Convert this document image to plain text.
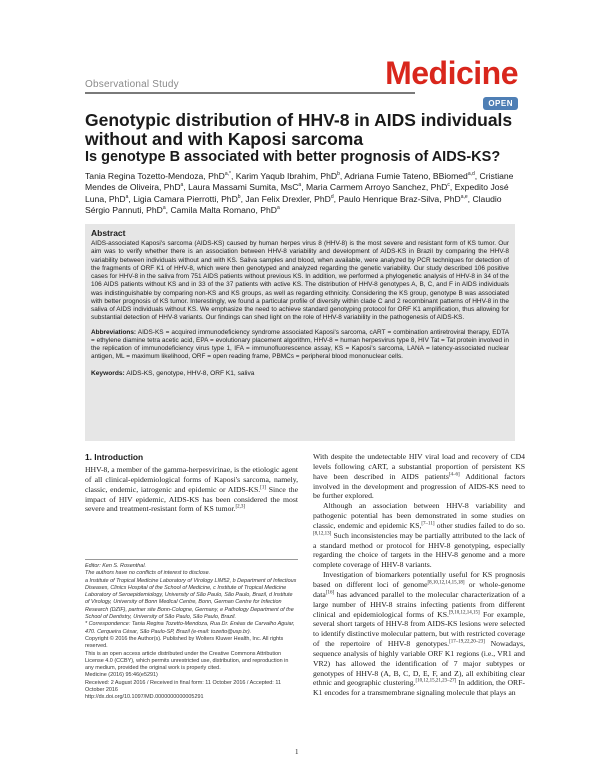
Observational Study	Medicine
OPEN
Genotypic distribution of HHV-8 in AIDS individuals without and with Kaposi sarcoma
Is genotype B associated with better prognosis of AIDS-KS?
Tania Regina Tozetto-Mendoza, PhD$^{a,*}$, Karim Yaqub Ibrahim, PhD$^b$, Adriana Fumie Tateno, BBiomed$^{a,d}$, Cristiane Mendes de Oliveira, PhD$^a$, Laura Massami Sumita, MsC$^a$, Maria Carmem Arroyo Sanchez, PhD$^c$, Expedito José Luna, PhD$^a$, Ligia Camara Pierrotti, PhD$^b$, Jan Felix Drexler, PhD$^d$, Paulo Henrique Braz-Silva, PhD$^{a,e}$, Claudio Sérgio Pannuti, PhD$^a$, Camila Malta Romano, PhD$^a$

Abstract

AIDS-associated Kaposi's sarcoma (AIDS-KS) caused by human herpes virus 8 (HHV-8) is the most severe and resistant form of KS tumor. Our aim was to verify whether there is an association between HHV-8 variability and development of AIDS-KS in Brazil by comparing the HHV-8 variability between individuals without and with KS. Saliva samples and blood, when available, were analyzed by PCR techniques for detection of the fragments of ORF K1 of HHV-8, which were then genotyped and analyzed regarding the genetic variability. Our study described 106 positive cases for HHV-8 in the saliva from 751 AIDS patients without previous KS. In addition, we performed a phylogenetic analysis of HHV-8 in 34 of the 106 AIDS patients without KS and in 33 of the 37 patients with active KS. The distribution of HHV-8 genotypes A, B, C, and F in AIDS individuals was indistinguishable by comparing non-KS and KS groups, as well as regarding ethnicity. Considering the KS group, genotype B was associated with better prognosis of KS tumor. Interestingly, we found a particular profile of diversity within clade C and 2 recombinant patterns of HHV-8 in the saliva of AIDS individuals without KS. We emphasize the need to achieve standard genotyping protocol for ORF K1 amplification, thus allowing for substantial detection of HHV-8 variants. Our findings can shed light on the role of HHV-8 variability in the pathogenesis of AIDS-KS.

Abbreviations: AIDS-KS = acquired immunodeficiency syndrome associated Kaposi's sarcoma, cART = combination antiretroviral therapy, EDTA = ethylene diamine tetra acetic acid, EPA = evolutionary placement algorithm, HHV-8 = human herpesvirus type 8, HIV Tat = Tat protein involved in the replication of immunodeficiency virus type 1, IFA = immunofluorescence assay, KS = Kaposi's sarcoma, LANA = latency-associated nuclear antigen, ML = maximum likelihood, ORF = open reading frame, PBMCs = peripheral blood mononuclear cells.
Keywords: AIDS-KS, genotype, HHV-8, ORF K1, saliva

1. Introduction

HHV-8, a member of the gamma-herpesvirinae, is the etiologic agent of all clinical-epidemiological forms of Kaposi's sarcoma, namely, classic, endemic, iatrogenic and epidemic or AIDS-KS.[1] Since the impact of HIV epidemic, AIDS-KS has been considered the most severe and treatment-resistant form of KS tumor.[2,3]

Editor: Ken S. Rosenthal.

The authors have no conflicts of interest to disclose.

a Institute of Tropical Medicine Laboratory of Virology LIM52, b Department of Infectious Diseases, Clinics Hospital of the School of Medicine, c Institute of Tropical Medicine Laboratory of Seroepidemiology, University of São Paulo, São Paulo, Brazil, d Institute of Virology, University of Bonn Medical Centre, Bonn, German Centre for Infection Research (DZIF), partner site Bonn-Cologne, Germany, e Pathology Department of the School of Dentistry, University of São Paulo, São Paulo, Brazil.

* Correspondence: Tania Regina Tozetto-Mendoza, Rua Dr. Enéas de Carvalho Aguiar, 470. Cerqueira César, São Paulo-SP, Brazil (e-mail: tozetto@usp.br).

Copyright © 2016 the Author(s). Published by Wolters Kluwer Health, Inc. All rights reserved.

This is an open access article distributed under the Creative Commons Attribution License 4.0 (CCBY), which permits unrestricted use, distribution, and reproduction in any medium, provided the original work is properly cited.

Medicine (2016) 95:46(e5291)

Received: 2 August 2016 / Received in final form: 11 October 2016 / Accepted: 11 October 2016

http://dx.doi.org/10.1097/MD.0000000000005291

With despite the undetectable HIV viral load and recovery of CD4 levels following cART, a substantial proportion of persistent KS have been described in AIDS patients[4–6] Additional factors involved in the development and progression of AIDS-KS need to be further explored.

Although an association between HHV-8 variability and pathogenic potential has been demonstrated in some studies on classic, endemic and epidemic KS,[7–11] other studies failed to do so.[8,12,13] Such inconsistencies may be partially attributed to the lack of a standard method or protocol for HHV-8 genotyping, especially regarding the choice of targets in the HHV-8 genome and a more complete coverage of HHV-8 variants.

Investigation of biomarkers potentially useful for KS prognosis based on different loci of genome[8,10,12,14,15,18] or whole-genome data[16] has advanced parallel to the molecular characterization of a large number of HHV-8 strains infecting patients from different clinical and epidemiological forms of KS.[9,10,12,14,15] For example, several short targets of HHV-8 from AIDS-KS lesions were selected to identify distinctive molecular pattern, but with restricted coverage of the repertoire of HHV-8 genotypes.[17–19,22,20–23] Nowadays, sequence analysis of highly variable ORF K1 regions (i.e., VR1 and VR2) has allowed the identification of 7 major subtypes or genotypes of HHV-8 (A, B, C, D, E, F, and Z), all exhibiting clear ethnic and geographic clustering.[10,12,15,21,23–27] In addition, the ORF-K1 encodes for a transmembrane signaling molecule that plays an

1
